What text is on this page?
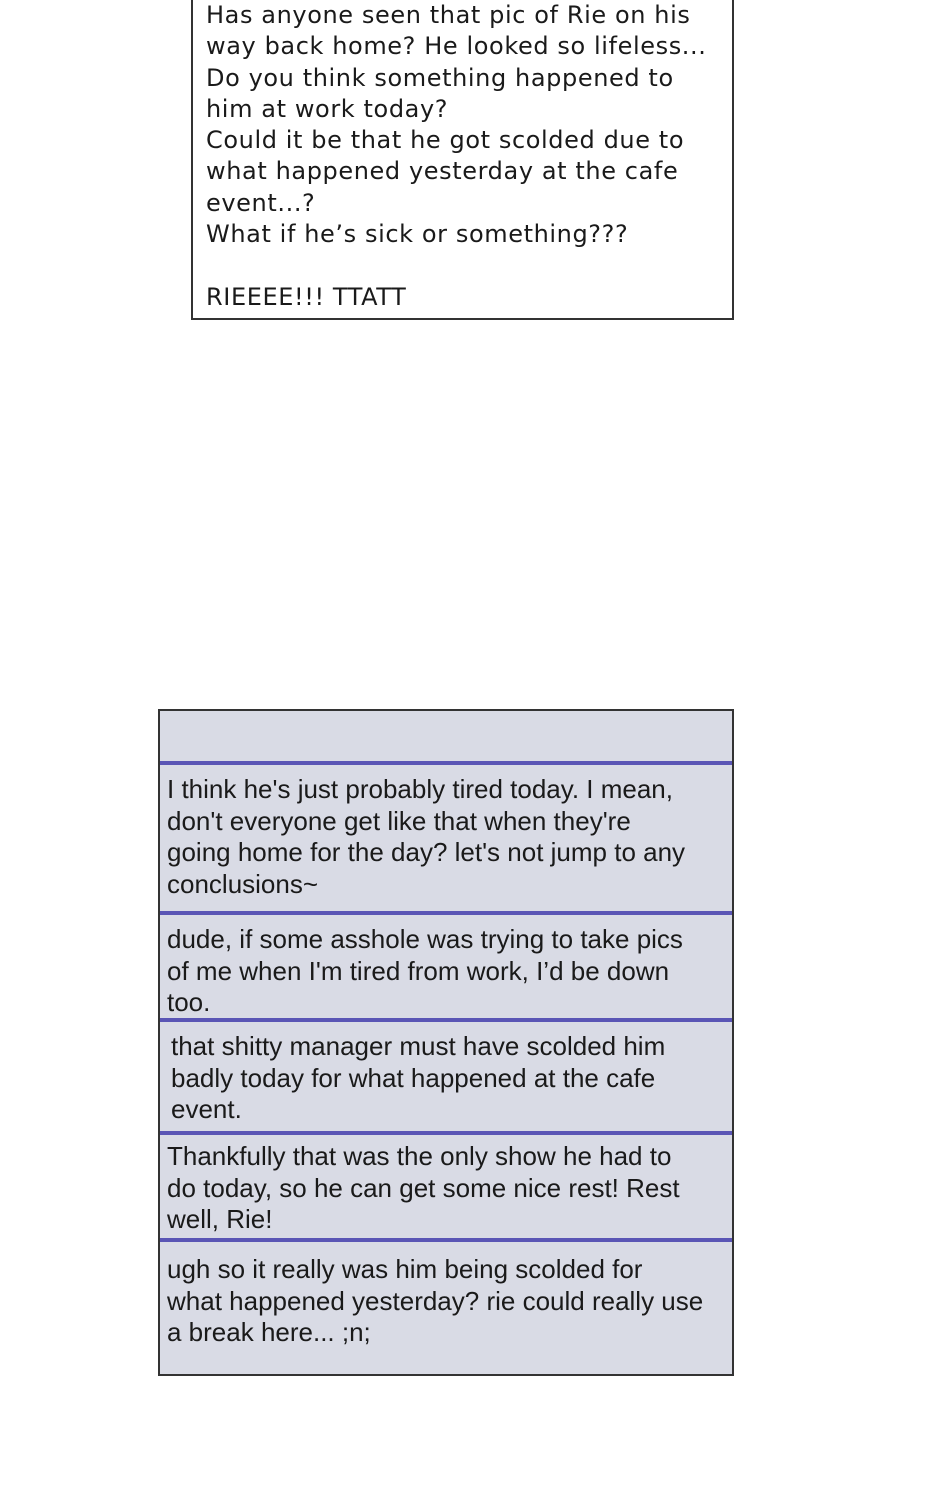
Has anyone seen that pic of Rie on his
way back home? He looked so lifeless...
Do you think something happened to
him at work today?
Could it be that he got scolded due to
what happened yesterday at the cafe
event...?
What if he’s sick or something???
RIEEEE!!! TTATT
I think he's just probably tired today. I mean,
don't everyone get like that when they're
going home for the day? let's not jump to any
conclusions~
dude, if some asshole was trying to take pics
of me when I'm tired from work, I’d be down
too.
that shitty manager must have scolded him
badly today for what happened at the cafe
event.
Thankfully that was the only show he had to
do today, so he can get some nice rest! Rest
well, Rie!
ugh so it really was him being scolded for
what happened yesterday? rie could really use
a break here... ;n;
